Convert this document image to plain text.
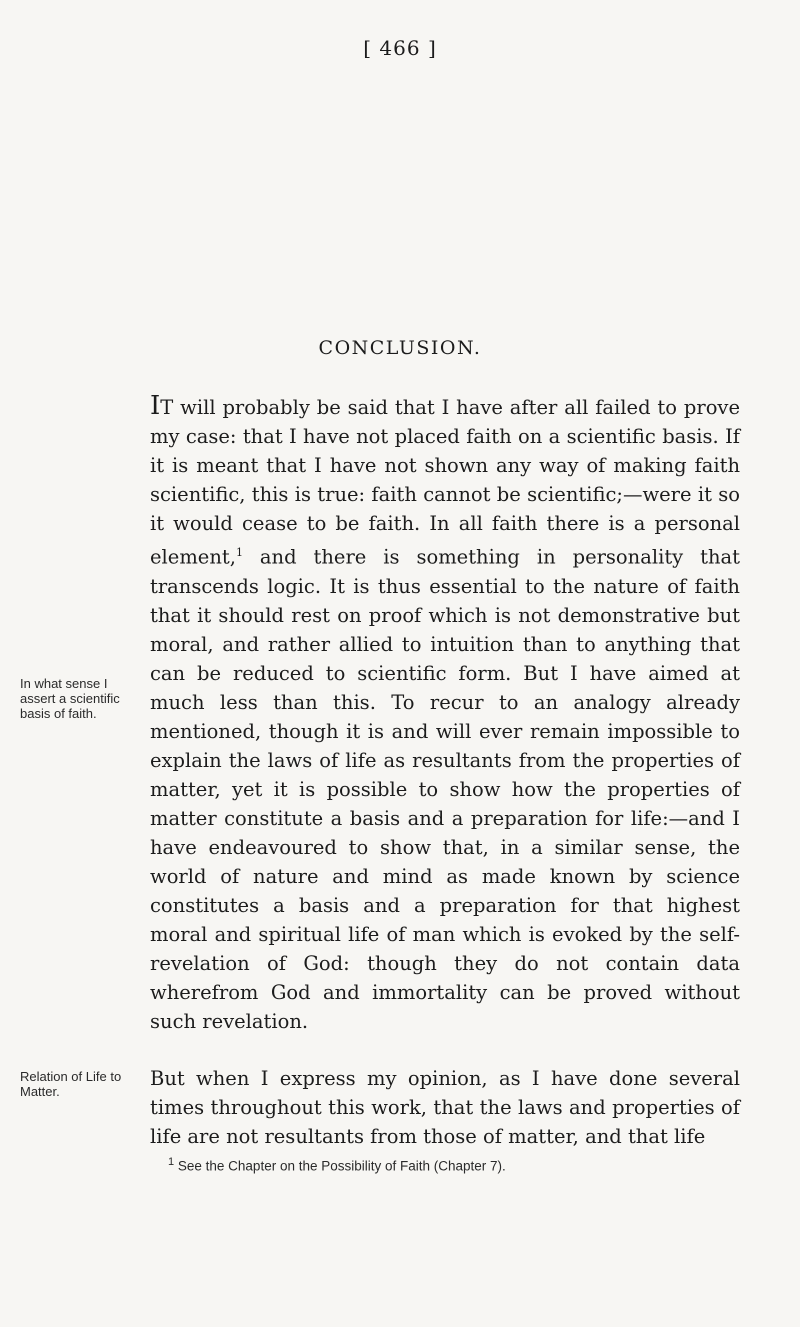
[ 466 ]
CONCLUSION.
In what sense I assert a scientific basis of faith.

IT will probably be said that I have after all failed to prove my case: that I have not placed faith on a scientific basis. If it is meant that I have not shown any way of making faith scientific, this is true: faith cannot be scientific;—were it so it would cease to be faith. In all faith there is a personal element,$^1$ and there is something in personality that transcends logic. It is thus essential to the nature of faith that it should rest on proof which is not demonstrative but moral, and rather allied to intuition than to anything that can be reduced to scientific form. But I have aimed at much less than this. To recur to an analogy already mentioned, though it is and will ever remain impossible to explain the laws of life as resultants from the properties of matter, yet it is possible to show how the properties of matter constitute a basis and a preparation for life:—and I have endeavoured to show that, in a similar sense, the world of nature and mind as made known by science constitutes a basis and a preparation for that highest moral and spiritual life of man which is evoked by the self-revelation of God: though they do not contain data wherefrom God and immortality can be proved without such revelation.

Relation of Life to Matter.

But when I express my opinion, as I have done several times throughout this work, that the laws and properties of life are not resultants from those of matter, and that life

$^1$ See the Chapter on the Possibility of Faith (Chapter 7).
